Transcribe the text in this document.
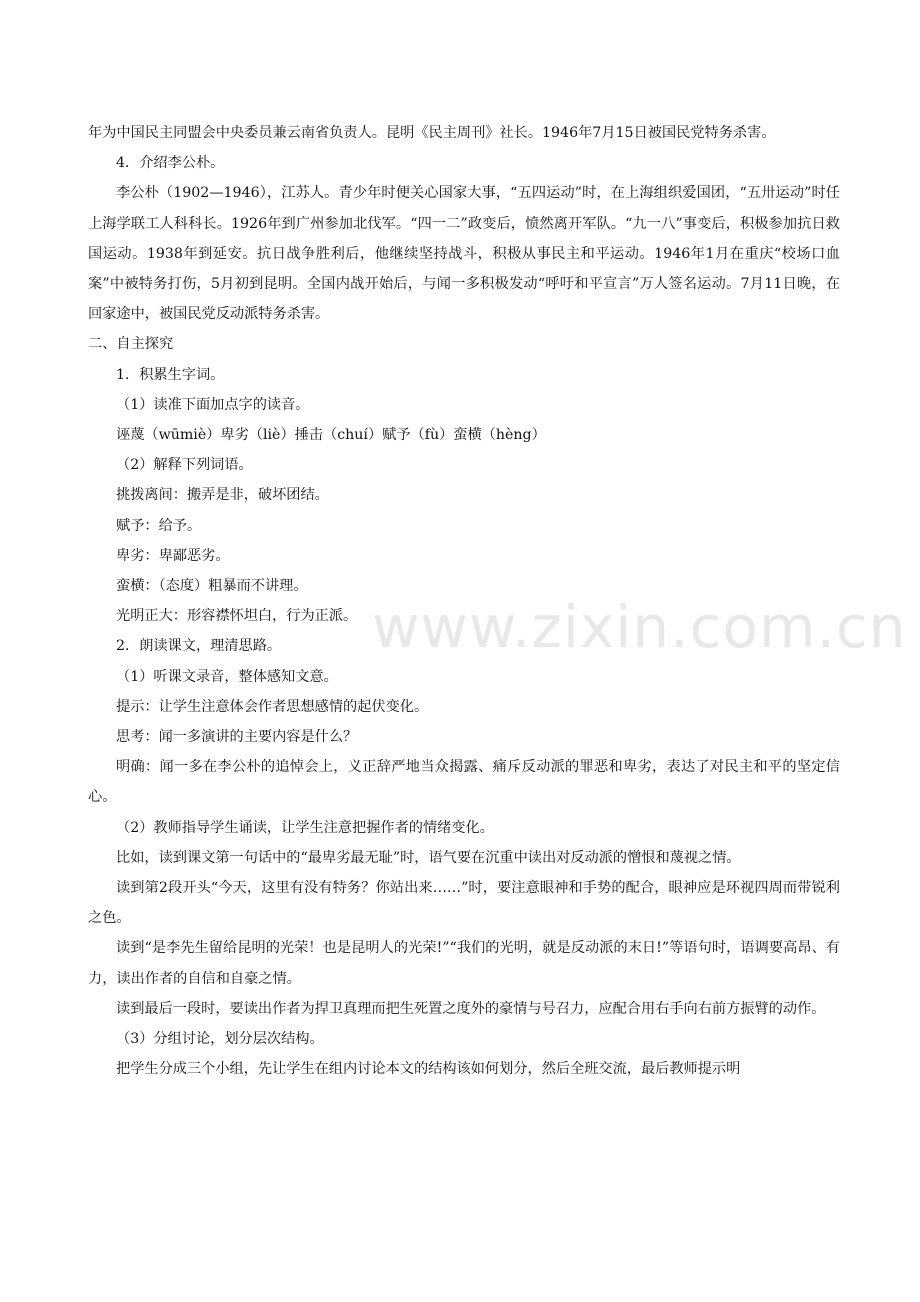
年为中国民主同盟会中央委员兼云南省负责人。昆明《民主周刊》社长。1946年7月15日被国民党特务杀害。

4．介绍李公朴。

李公朴（1902—1946），江苏人。青少年时便关心国家大事，“五四运动”时，在上海组织爱国团，“五卅运动”时任上海学联工人科科长。1926年到广州参加北伐军。“四一二”政变后，愤然离开军队。“九一八”事变后，积极参加抗日救国运动。1938年到延安。抗日战争胜利后，他继续坚持战斗，积极从事民主和平运动。1946年1月在重庆“校场口血案”中被特务打伤，5月初到昆明。全国内战开始后，与闻一多积极发动“呼吁和平宣言”万人签名运动。7月11日晚，在回家途中，被国民党反动派特务杀害。

二、自主探究

1．积累生字词。

（1）读准下面加点字的读音。

诬蔑（wūmiè）卑劣（liè）捶击（chuí）赋予（fù）蛮横（hèng）

（2）解释下列词语。

挑拨离间：搬弄是非，破坏团结。

赋予：给予。

卑劣：卑鄙恶劣。

蛮横：（态度）粗暴而不讲理。

光明正大：形容襟怀坦白，行为正派。

2．朗读课文，理清思路。

（1）听课文录音，整体感知文意。

提示：让学生注意体会作者思想感情的起伏变化。

思考：闻一多演讲的主要内容是什么？

明确：闻一多在李公朴的追悼会上，义正辞严地当众揭露、痛斥反动派的罪恶和卑劣，表达了对民主和平的坚定信心。

（2）教师指导学生诵读，让学生注意把握作者的情绪变化。

比如，读到课文第一句话中的“最卑劣最无耻”时，语气要在沉重中读出对反动派的憎恨和蔑视之情。

读到第2段开头“今天，这里有没有特务？你站出来……”时，要注意眼神和手势的配合，眼神应是环视四周而带锐利之色。

读到“是李先生留给昆明的光荣！也是昆明人的光荣!”“我们的光明，就是反动派的末日!”等语句时，语调要高昂、有力，读出作者的自信和自豪之情。

读到最后一段时，要读出作者为捍卫真理而把生死置之度外的豪情与号召力，应配合用右手向右前方振臂的动作。

（3）分组讨论，划分层次结构。

把学生分成三个小组，先让学生在组内讨论本文的结构该如何划分，然后全班交流，最后教师提示明

www.zixin.com.cn
